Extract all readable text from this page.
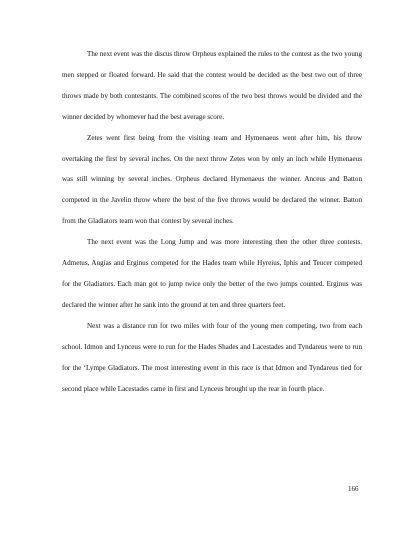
The next event was the discus throw Orpheus explained the rules to the contest as the two young men stepped or floated forward. He said that the contest would be decided as the best two out of three throws made by both contestants. The combined scores of the two best throws would be divided and the winner decided by whomever had the best average score.

Zetes went first being from the visiting team and Hymenaeus went after him, his throw overtaking the first by several inches. On the next throw Zetes won by only an inch while Hymenaeus was still winning by several inches. Orpheus declared Hymenaeus the winner. Anceus and Batton competed in the Javelin throw where the best of the five throws would be declared the winner. Batton from the Gladiators team won that contest by several inches.

The next event was the Long Jump and was more interesting then the other three contests. Admetus, Augias and Erginus competed for the Hades team while Hyreius, Iphis and Teucer competed for the Gladiators. Each man got to jump twice only the better of the two jumps counted. Erginus was declared the winner after he sank into the ground at ten and three quarters feet.

Next was a distance run for two miles with four of the young men competing, two from each school. Idmon and Lynceus were to run for the Hades Shades and Lacestades and Tyndareus were to run for the ‘Lympe Gladiators. The most interesting event in this race is that Idmon and Tyndareus tied for second place while Lacestades came in first and Lynceus brought up the rear in fourth place.

166
